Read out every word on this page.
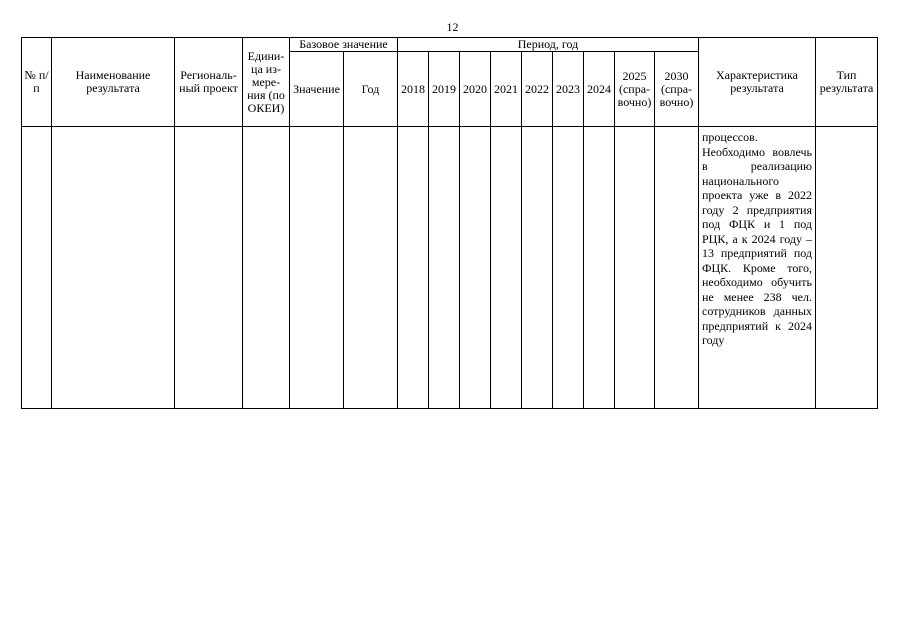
12
№ п/п	Наименование результата	Региональ-ный проект	Едини-ца из-мере-ния (по ОКЕИ)	Базовое значение		Период, год									Характеристика результата	Тип результата
				Значение	Год	2018	2019	2020	2021	2022	2023	2024	2025 (спра-вочно)	2030 (спра-вочно)		
															процессов. Необходимо вовлечь в реализацию национального проекта уже в 2022 году 2 предприятия под ФЦК и 1 под РЦК, а к 2024 году – 13 предприятий под ФЦК. Кроме того, необходимо обучить не менее 238 чел. сотрудников данных предприятий к 2024 году	
